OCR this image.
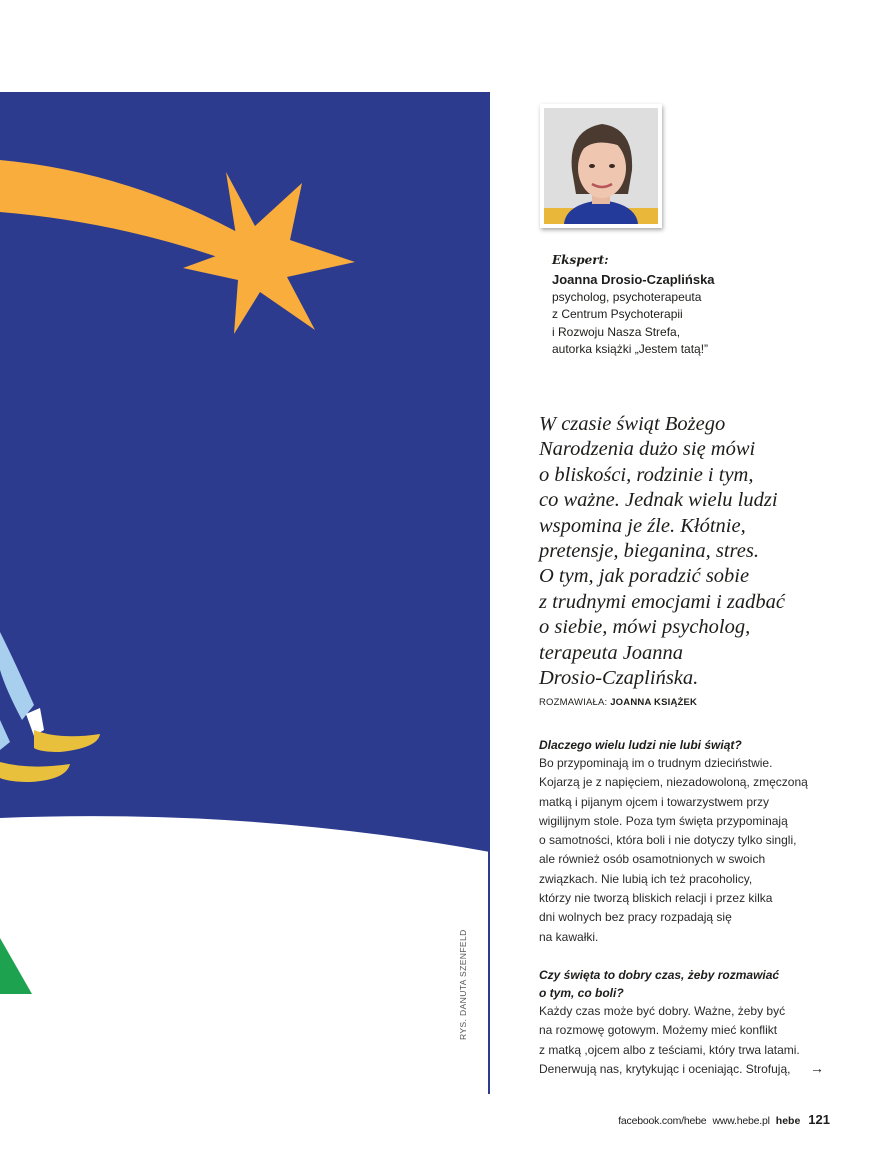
RYS. DANUTA SZENFELD
Ekspert:
Joanna Drosio-Czaplińska
psycholog, psychoterapeuta
z Centrum Psychoterapii
i Rozwoju Nasza Strefa,
autorka książki „Jestem tatą!”
W czasie świąt Bożego
Narodzenia dużo się mówi
o bliskości, rodzinie i tym,
co ważne. Jednak wielu ludzi
wspomina je źle. Kłótnie,
pretensje, bieganina, stres.
O tym, jak poradzić sobie
z trudnymi emocjami i zadbać
o siebie, mówi psycholog,
terapeuta Joanna
Drosio-Czaplińska.
ROZMAWIAŁA: JOANNA KSIĄŻEK
Dlaczego wielu ludzi nie lubi świąt?
Bo przypominają im o trudnym dzieciństwie.
Kojarzą je z napięciem, niezadowoloną, zmęczoną
matką i pijanym ojcem i towarzystwem przy
wigilijnym stole. Poza tym święta przypominają
o samotności, która boli i nie dotyczy tylko singli,
ale również osób osamotnionych w swoich
związkach. Nie lubią ich też pracoholicy,
którzy nie tworzą bliskich relacji i przez kilka
dni wolnych bez pracy rozpadają się
na kawałki.
Czy święta to dobry czas, żeby rozmawiać
o tym, co boli?
Każdy czas może być dobry. Ważne, żeby być
na rozmowę gotowym. Możemy mieć konflikt
z matką ,ojcem albo z teściami, który trwa latami.
Denerwują nas, krytykując i oceniając. Strofują,	→
facebook.com/hebe www.hebe.pl hebe 121
